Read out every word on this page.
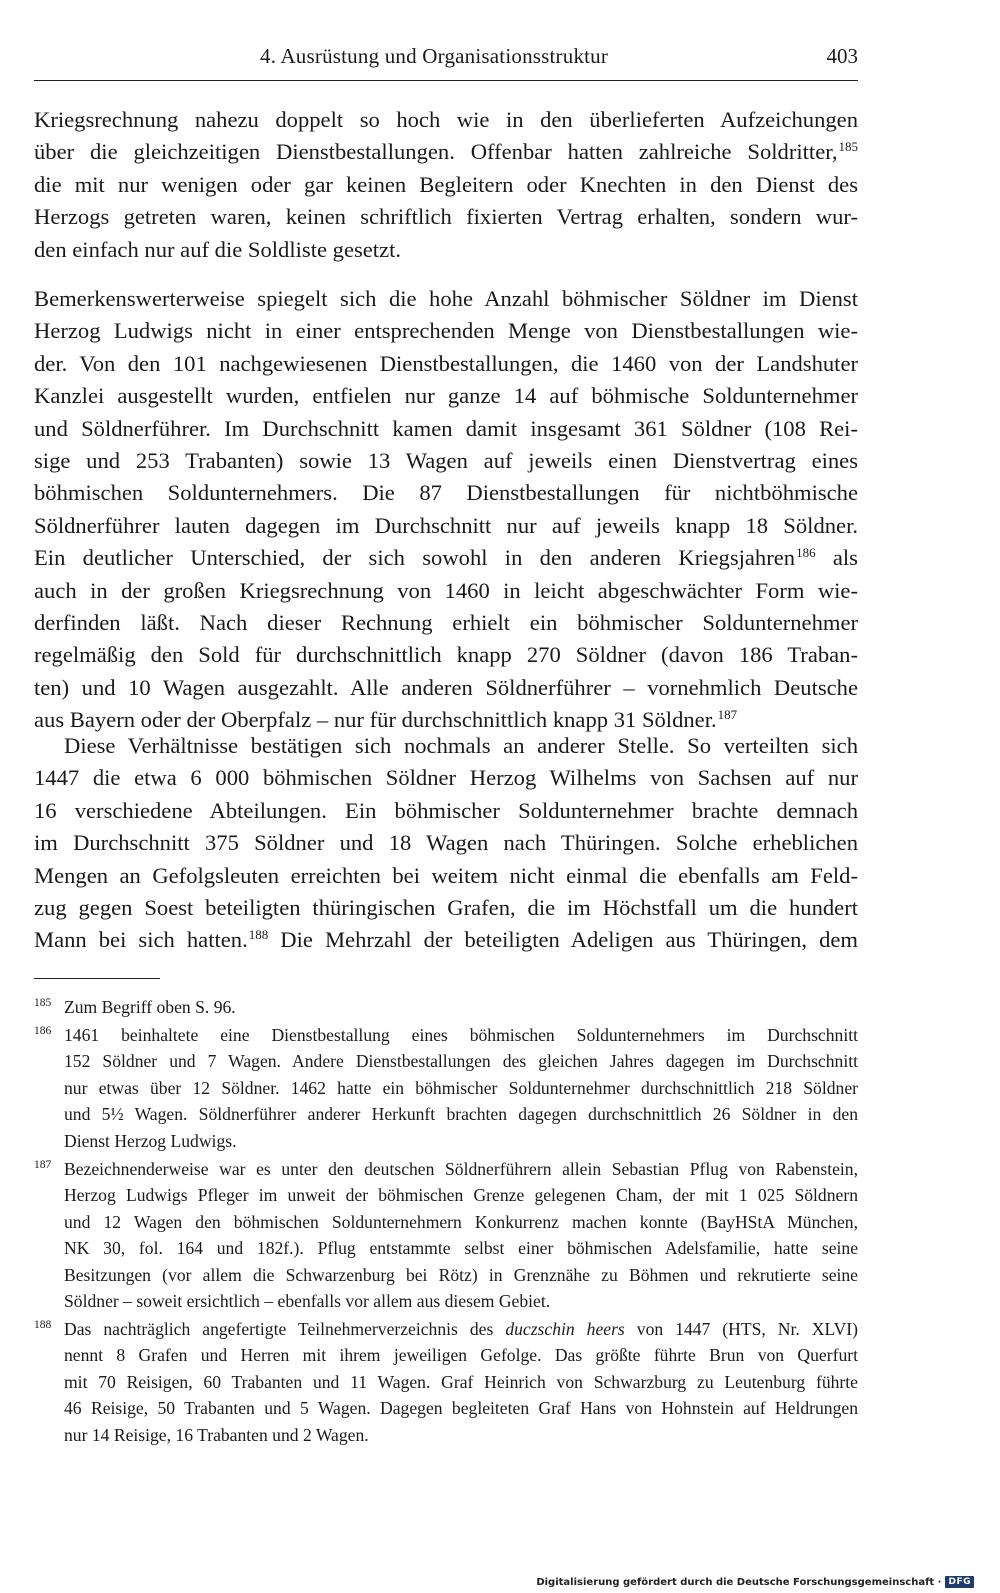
4. Ausrüstung und Organisationsstruktur	403
Kriegsrechnung nahezu doppelt so hoch wie in den überlieferten Aufzeichungen
über die gleichzeitigen Dienstbestallungen. Offenbar hatten zahlreiche Soldritter,$^{185}$
die mit nur wenigen oder gar keinen Begleitern oder Knechten in den Dienst des
Herzogs getreten waren, keinen schriftlich fixierten Vertrag erhalten, sondern wur-
den einfach nur auf die Soldliste gesetzt.
Bemerkenswerterweise spiegelt sich die hohe Anzahl böhmischer Söldner im Dienst
Herzog Ludwigs nicht in einer entsprechenden Menge von Dienstbestallungen wie-
der. Von den 101 nachgewiesenen Dienstbestallungen, die 1460 von der Landshuter
Kanzlei ausgestellt wurden, entfielen nur ganze 14 auf böhmische Soldunternehmer
und Söldnerführer. Im Durchschnitt kamen damit insgesamt 361 Söldner (108 Rei-
sige und 253 Trabanten) sowie 13 Wagen auf jeweils einen Dienstvertrag eines
böhmischen Soldunternehmers. Die 87 Dienstbestallungen für nichtböhmische
Söldnerführer lauten dagegen im Durchschnitt nur auf jeweils knapp 18 Söldner.
Ein deutlicher Unterschied, der sich sowohl in den anderen Kriegsjahren$^{186}$ als
auch in der großen Kriegsrechnung von 1460 in leicht abgeschwächter Form wie-
derfinden läßt. Nach dieser Rechnung erhielt ein böhmischer Soldunternehmer
regelmäßig den Sold für durchschnittlich knapp 270 Söldner (davon 186 Traban-
ten) und 10 Wagen ausgezahlt. Alle anderen Söldnerführer – vornehmlich Deutsche
aus Bayern oder der Oberpfalz – nur für durchschnittlich knapp 31 Söldner.$^{187}$
Diese Verhältnisse bestätigen sich nochmals an anderer Stelle. So verteilten sich
1447 die etwa 6 000 böhmischen Söldner Herzog Wilhelms von Sachsen auf nur
16 verschiedene Abteilungen. Ein böhmischer Soldunternehmer brachte demnach
im Durchschnitt 375 Söldner und 18 Wagen nach Thüringen. Solche erheblichen
Mengen an Gefolgsleuten erreichten bei weitem nicht einmal die ebenfalls am Feld-
zug gegen Soest beteiligten thüringischen Grafen, die im Höchstfall um die hundert
Mann bei sich hatten.$^{188}$ Die Mehrzahl der beteiligten Adeligen aus Thüringen, dem
185 Zum Begriff oben S. 96.
186 1461 beinhaltete eine Dienstbestallung eines böhmischen Soldunternehmers im Durchschnitt
152 Söldner und 7 Wagen. Andere Dienstbestallungen des gleichen Jahres dagegen im Durchschnitt
nur etwas über 12 Söldner. 1462 hatte ein böhmischer Soldunternehmer durchschnittlich 218 Söldner
und 5½ Wagen. Söldnerführer anderer Herkunft brachten dagegen durchschnittlich 26 Söldner in den
Dienst Herzog Ludwigs.
187 Bezeichnenderweise war es unter den deutschen Söldnerführern allein Sebastian Pflug von Rabenstein,
Herzog Ludwigs Pfleger im unweit der böhmischen Grenze gelegenen Cham, der mit 1 025 Söldnern
und 12 Wagen den böhmischen Soldunternehmern Konkurrenz machen konnte (BayHStA München,
NK 30, fol. 164 und 182f.). Pflug entstammte selbst einer böhmischen Adelsfamilie, hatte seine
Besitzungen (vor allem die Schwarzenburg bei Rötz) in Grenznähe zu Böhmen und rekrutierte seine
Söldner – soweit ersichtlich – ebenfalls vor allem aus diesem Gebiet.
188 Das nachträglich angefertigte Teilnehmerverzeichnis des duczschin heers von 1447 (HTS, Nr. XLVI)
nennt 8 Grafen und Herren mit ihrem jeweiligen Gefolge. Das größte führte Brun von Querfurt
mit 70 Reisigen, 60 Trabanten und 11 Wagen. Graf Heinrich von Schwarzburg zu Leutenburg führte
46 Reisige, 50 Trabanten und 5 Wagen. Dagegen begleiteten Graf Hans von Hohnstein auf Heldrungen
nur 14 Reisige, 16 Trabanten und 2 Wagen.
Digitalisierung gefördert durch die Deutsche Forschungsgemeinschaft · DFG
